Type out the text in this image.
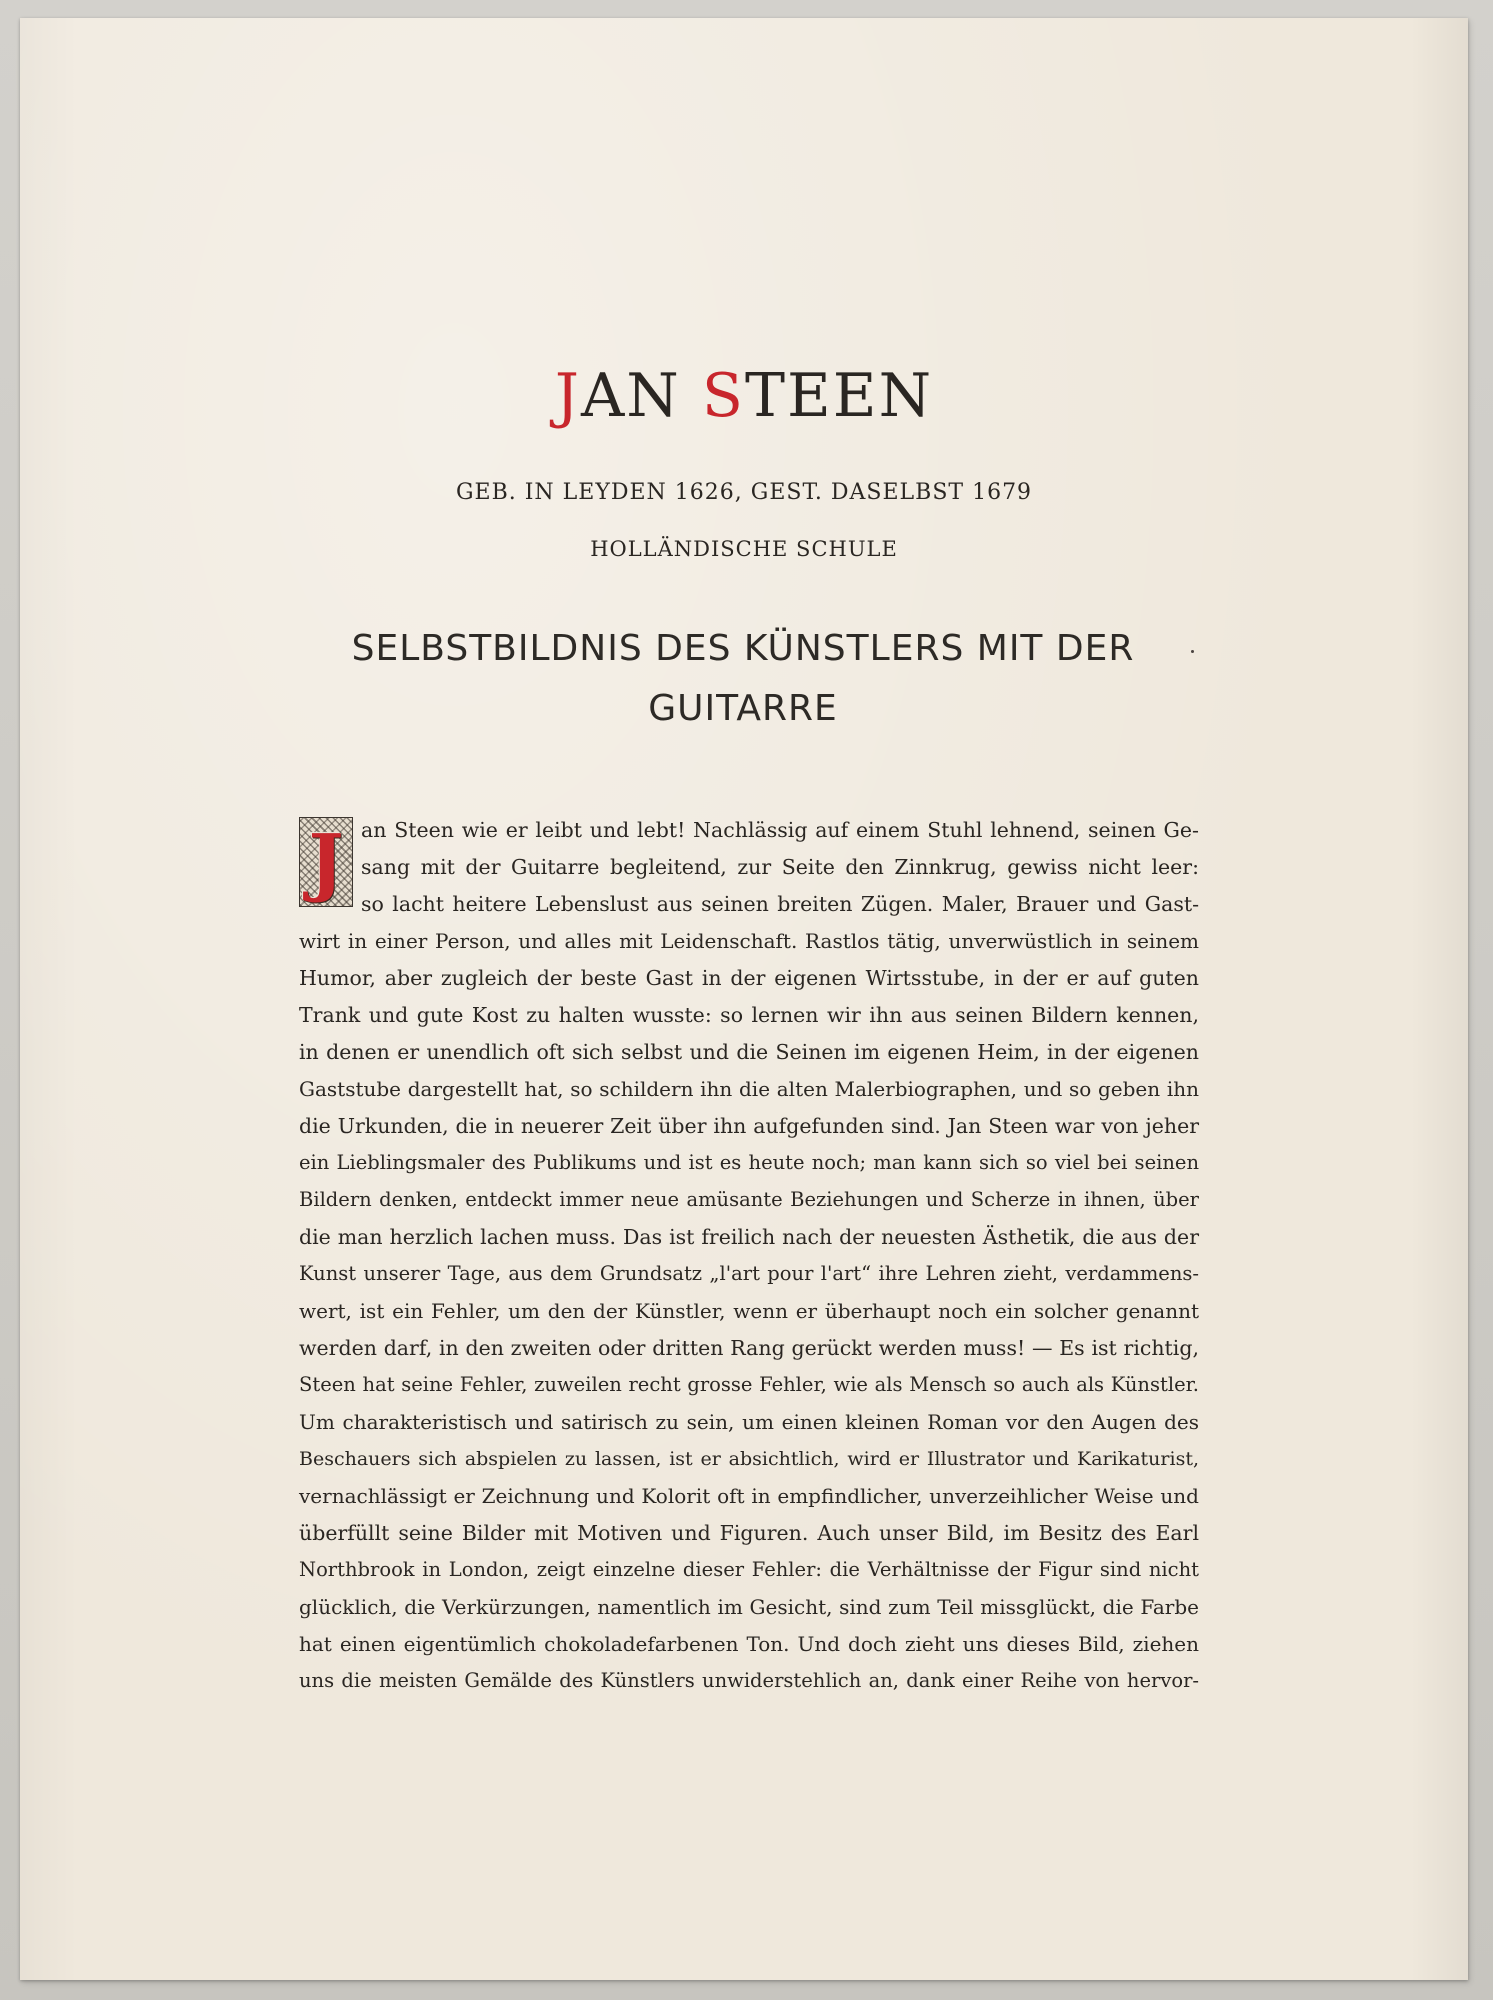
JAN STEEN

GEB. IN LEYDEN 1626, GEST. DASELBST 1679

HOLLÄNDISCHE SCHULE

SELBSTBILDNIS DES KÜNSTLERS MIT DER GUITARRE
J an Steen wie er leibt und lebt! Nachlässig auf einem Stuhl lehnend, seinen Ge-
sang mit der Guitarre begleitend, zur Seite den Zinnkrug, gewiss nicht leer:
so lacht heitere Lebenslust aus seinen breiten Zügen. Maler, Brauer und Gast-
wirt in einer Person, und alles mit Leidenschaft. Rastlos tätig, unverwüstlich in seinem
Humor, aber zugleich der beste Gast in der eigenen Wirtsstube, in der er auf guten
Trank und gute Kost zu halten wusste: so lernen wir ihn aus seinen Bildern kennen,
in denen er unendlich oft sich selbst und die Seinen im eigenen Heim, in der eigenen
Gaststube dargestellt hat, so schildern ihn die alten Malerbiographen, und so geben ihn
die Urkunden, die in neuerer Zeit über ihn aufgefunden sind. Jan Steen war von jeher
ein Lieblingsmaler des Publikums und ist es heute noch; man kann sich so viel bei seinen
Bildern denken, entdeckt immer neue amüsante Beziehungen und Scherze in ihnen, über
die man herzlich lachen muss. Das ist freilich nach der neuesten Ästhetik, die aus der
Kunst unserer Tage, aus dem Grundsatz „l'art pour l'art“ ihre Lehren zieht, verdammens-
wert, ist ein Fehler, um den der Künstler, wenn er überhaupt noch ein solcher genannt
werden darf, in den zweiten oder dritten Rang gerückt werden muss! — Es ist richtig,
Steen hat seine Fehler, zuweilen recht grosse Fehler, wie als Mensch so auch als Künstler.
Um charakteristisch und satirisch zu sein, um einen kleinen Roman vor den Augen des
Beschauers sich abspielen zu lassen, ist er absichtlich, wird er Illustrator und Karikaturist,
vernachlässigt er Zeichnung und Kolorit oft in empfindlicher, unverzeihlicher Weise und
überfüllt seine Bilder mit Motiven und Figuren. Auch unser Bild, im Besitz des Earl
Northbrook in London, zeigt einzelne dieser Fehler: die Verhältnisse der Figur sind nicht
glücklich, die Verkürzungen, namentlich im Gesicht, sind zum Teil missglückt, die Farbe
hat einen eigentümlich chokoladefarbenen Ton. Und doch zieht uns dieses Bild, ziehen
uns die meisten Gemälde des Künstlers unwiderstehlich an, dank einer Reihe von hervor-
